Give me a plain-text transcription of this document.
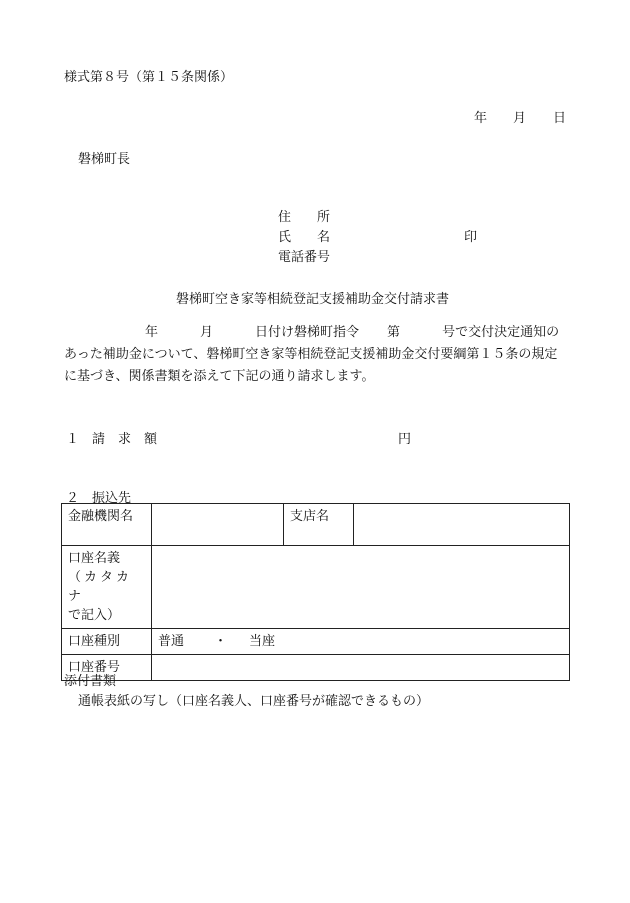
様式第８号（第１５条関係）
年 月 日
磐梯町長
住　　所
氏　　名	印
電話番号
磐梯町空き家等相続登記支援補助金交付請求書
年	月	日付け磐梯町指令 第	号で交付決定通知の
あった補助金について、磐梯町空き家等相続登記支援補助金交付要綱第１５条の規定
に基づき、関係書類を添えて下記の通り請求します。
１　請　求　額	円
２　振込先
金融機関名		支店名	

口座名義
（カタカナ
で記入）			

口座種別	普通 ・ 当座		
口座番号			
添付書類
通帳表紙の写し（口座名義人、口座番号が確認できるもの）
